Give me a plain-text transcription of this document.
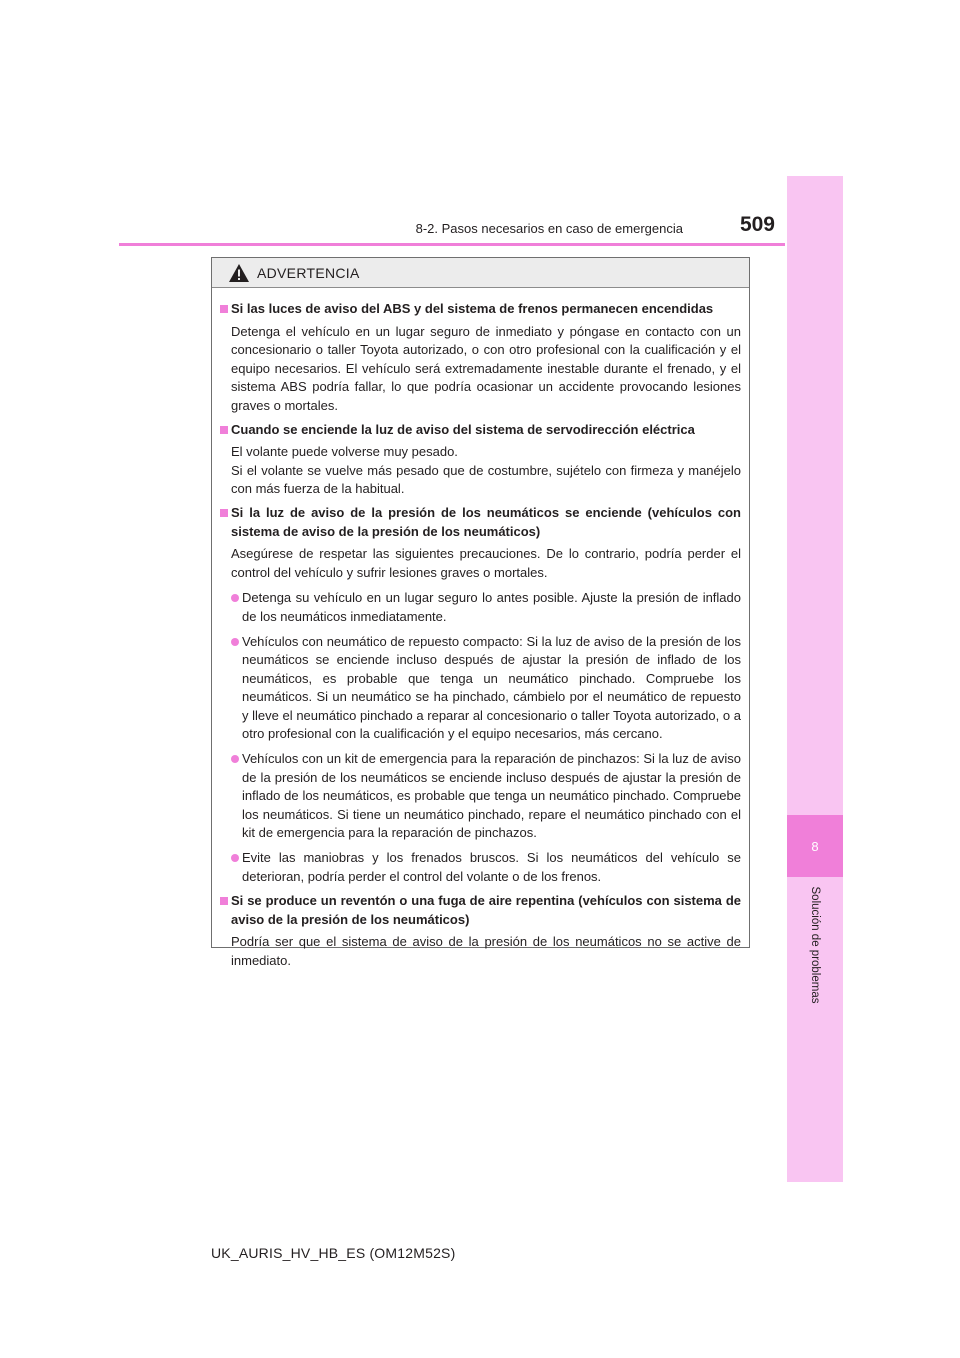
8
Solución de problemas
8-2. Pasos necesarios en caso de emergencia	509
ADVERTENCIA
Si las luces de aviso del ABS y del sistema de frenos permanecen encendidas
Detenga el vehículo en un lugar seguro de inmediato y póngase en contacto con un concesionario o taller Toyota autorizado, o con otro profesional con la cualificación y el equipo necesarios. El vehículo será extremadamente inestable durante el frenado, y el sistema ABS podría fallar, lo que podría ocasionar un accidente provocando lesiones graves o mortales.
Cuando se enciende la luz de aviso del sistema de servodirección eléctrica
El volante puede volverse muy pesado.
Si el volante se vuelve más pesado que de costumbre, sujételo con firmeza y manéjelo con más fuerza de la habitual.
Si la luz de aviso de la presión de los neumáticos se enciende (vehículos con sistema de aviso de la presión de los neumáticos)
Asegúrese de respetar las siguientes precauciones. De lo contrario, podría perder el control del vehículo y sufrir lesiones graves o mortales.
Detenga su vehículo en un lugar seguro lo antes posible. Ajuste la presión de inflado de los neumáticos inmediatamente.
Vehículos con neumático de repuesto compacto: Si la luz de aviso de la presión de los neumáticos se enciende incluso después de ajustar la presión de inflado de los neumáticos, es probable que tenga un neumático pinchado. Compruebe los neumáticos. Si un neumático se ha pinchado, cámbielo por el neumático de repuesto y lleve el neumático pinchado a reparar al concesionario o taller Toyota autorizado, o a otro profesional con la cualificación y el equipo necesarios, más cercano.
Vehículos con un kit de emergencia para la reparación de pinchazos: Si la luz de aviso de la presión de los neumáticos se enciende incluso después de ajustar la presión de inflado de los neumáticos, es probable que tenga un neumático pinchado. Compruebe los neumáticos. Si tiene un neumático pinchado, repare el neumático pinchado con el kit de emergencia para la reparación de pinchazos.
Evite las maniobras y los frenados bruscos. Si los neumáticos del vehículo se deterioran, podría perder el control del volante o de los frenos.
Si se produce un reventón o una fuga de aire repentina (vehículos con sistema de aviso de la presión de los neumáticos)
Podría ser que el sistema de aviso de la presión de los neumáticos no se active de inmediato.
UK_AURIS_HV_HB_ES (OM12M52S)
